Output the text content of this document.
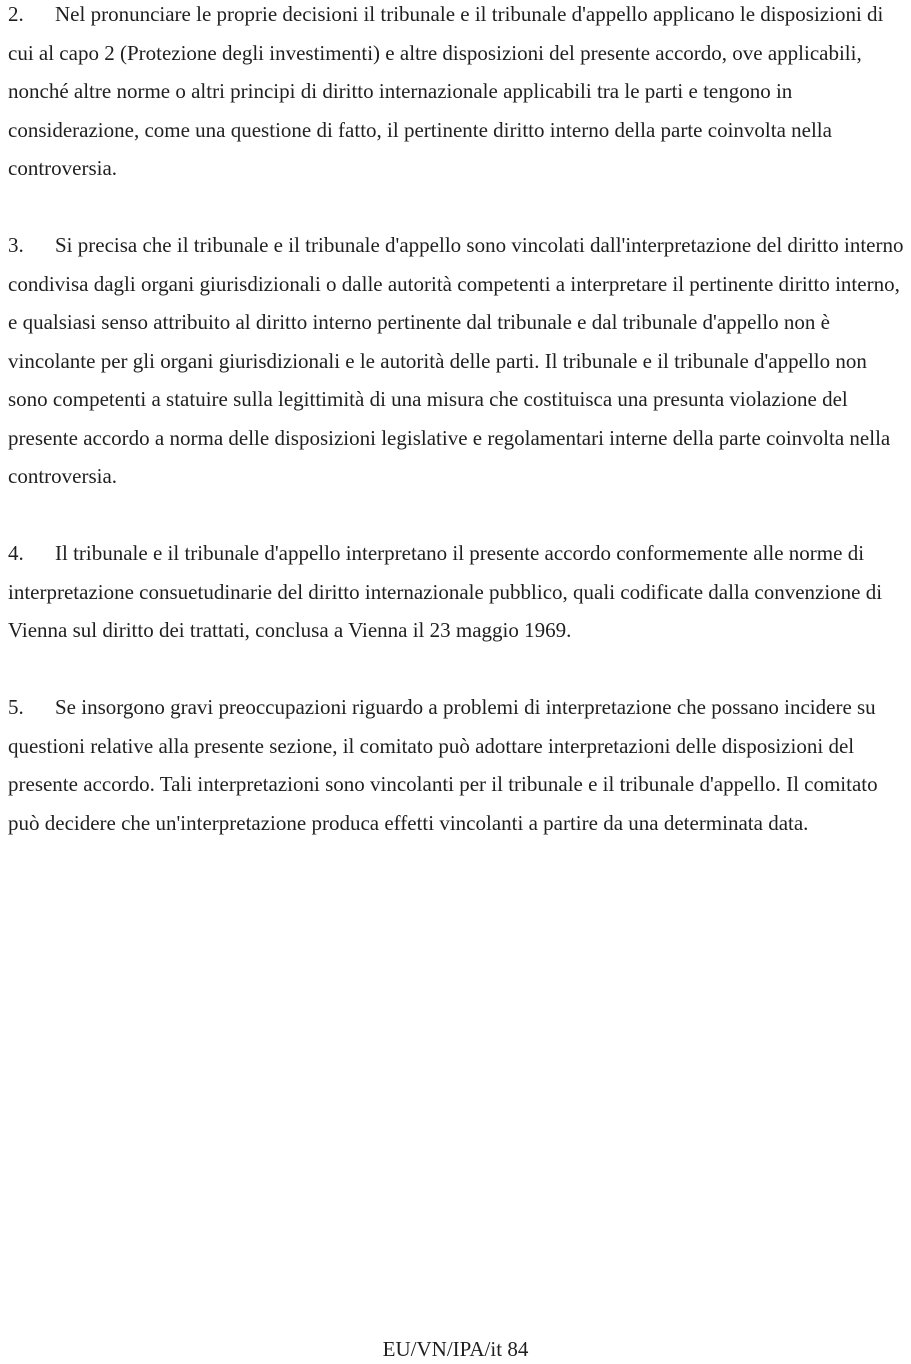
2. Nel pronunciare le proprie decisioni il tribunale e il tribunale d'appello applicano le disposizioni di cui al capo 2 (Protezione degli investimenti) e altre disposizioni del presente accordo, ove applicabili, nonché altre norme o altri principi di diritto internazionale applicabili tra le parti e tengono in considerazione, come una questione di fatto, il pertinente diritto interno della parte coinvolta nella controversia.

3. Si precisa che il tribunale e il tribunale d'appello sono vincolati dall'interpretazione del diritto interno condivisa dagli organi giurisdizionali o dalle autorità competenti a interpretare il pertinente diritto interno, e qualsiasi senso attribuito al diritto interno pertinente dal tribunale e dal tribunale d'appello non è vincolante per gli organi giurisdizionali e le autorità delle parti. Il tribunale e il tribunale d'appello non sono competenti a statuire sulla legittimità di una misura che costituisca una presunta violazione del presente accordo a norma delle disposizioni legislative e regolamentari interne della parte coinvolta nella controversia.

4. Il tribunale e il tribunale d'appello interpretano il presente accordo conformemente alle norme di interpretazione consuetudinarie del diritto internazionale pubblico, quali codificate dalla convenzione di Vienna sul diritto dei trattati, conclusa a Vienna il 23 maggio 1969.

5. Se insorgono gravi preoccupazioni riguardo a problemi di interpretazione che possano incidere su questioni relative alla presente sezione, il comitato può adottare interpretazioni delle disposizioni del presente accordo. Tali interpretazioni sono vincolanti per il tribunale e il tribunale d'appello. Il comitato può decidere che un'interpretazione produca effetti vincolanti a partire da una determinata data.

EU/VN/IPA/it 84
